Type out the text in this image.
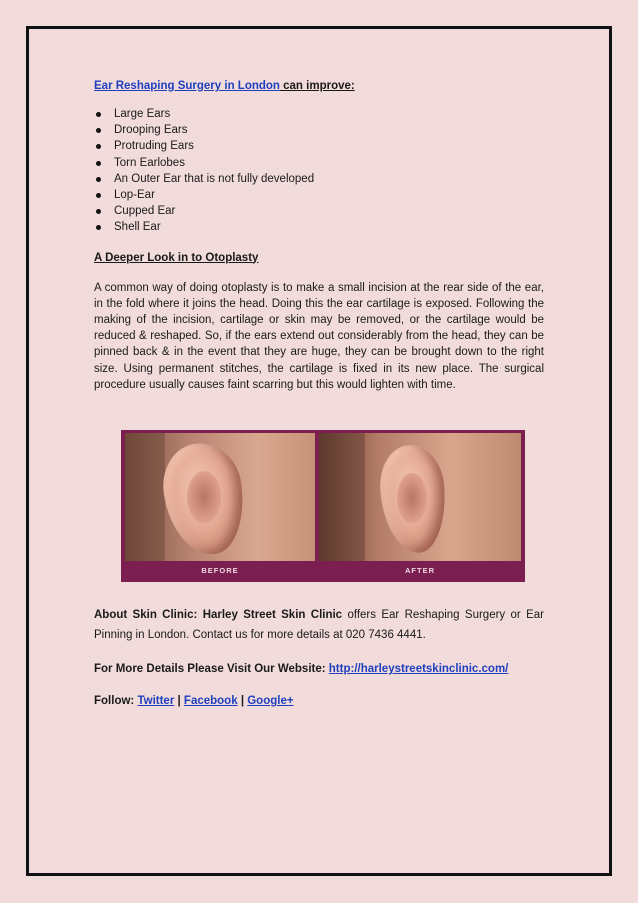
Ear Reshaping Surgery in London can improve:

Large Ears
Drooping Ears
Protruding Ears
Torn Earlobes
An Outer Ear that is not fully developed
Lop-Ear
Cupped Ear
Shell Ear

A Deeper Look in to Otoplasty

A common way of doing otoplasty is to make a small incision at the rear side of the ear, in the fold where it joins the head. Doing this the ear cartilage is exposed. Following the making of the incision, cartilage or skin may be removed, or the cartilage would be reduced & reshaped. So, if the ears extend out considerably from the head, they can be pinned back & in the event that they are huge, they can be brought down to the right size. Using permanent stitches, the cartilage is fixed in its new place. The surgical procedure usually causes faint scarring but this would lighten with time.

BEFORE	AFTER

About Skin Clinic: Harley Street Skin Clinic offers Ear Reshaping Surgery or Ear Pinning in London. Contact us for more details at 020 7436 4441.

For More Details Please Visit Our Website: http://harleystreetskinclinic.com/

Follow: Twitter | Facebook | Google+
